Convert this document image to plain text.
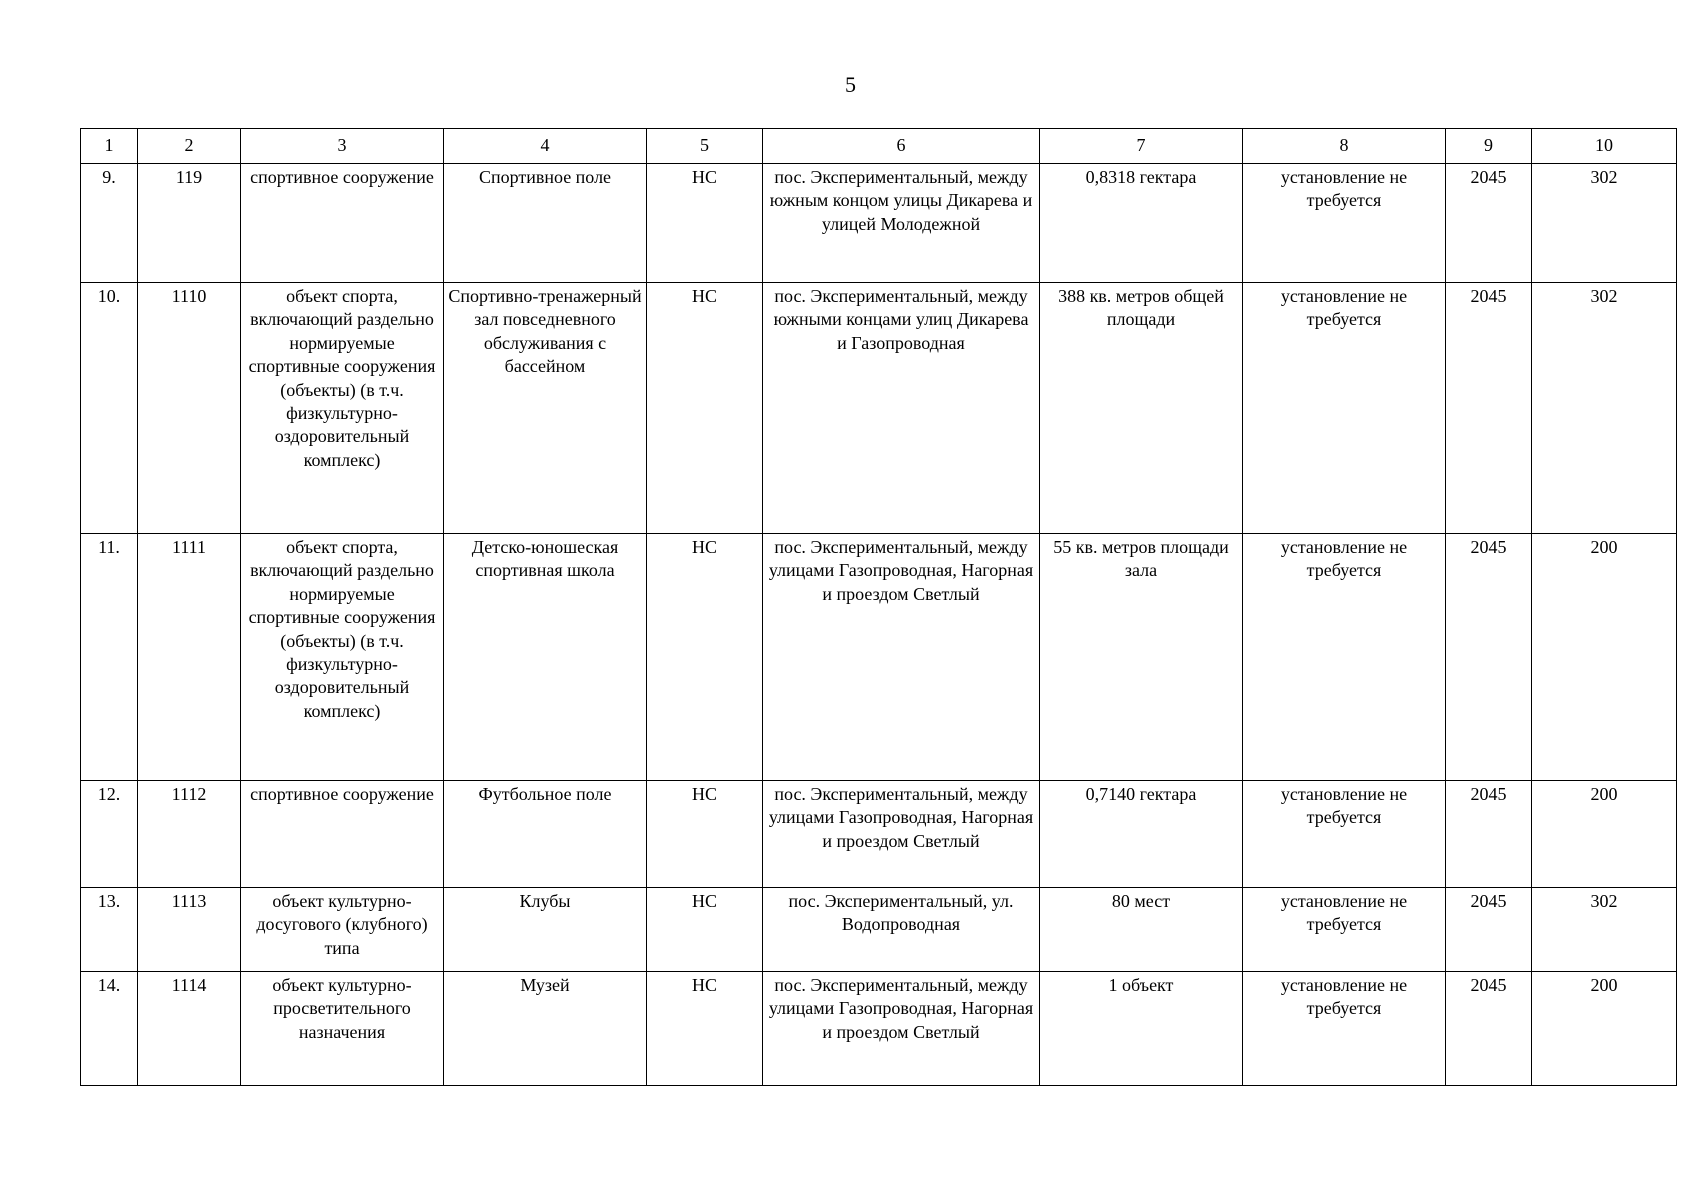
5
1	2	3	4	5	6	7	8	9	10
9.	119	спортивное сооружение	Спортивное поле	НС	пос. Экспериментальный, между южным концом улицы Дикарева и улицей Молодежной	0,8318 гектара	установление не требуется	2045	302
10.	1110	объект спорта, включающий раздельно нормируемые спортивные сооружения (объекты) (в т.ч. физкультурно-оздоровительный комплекс)	Спортивно-тренажерный зал повседневного обслуживания с бассейном	НС	пос. Экспериментальный, между южными концами улиц Дикарева и Газопроводная	388 кв. метров общей площади	установление не требуется	2045	302
11.	1111	объект спорта, включающий раздельно нормируемые спортивные сооружения (объекты) (в т.ч. физкультурно-оздоровительный комплекс)	Детско-юношеская спортивная школа	НС	пос. Экспериментальный, между улицами Газопроводная, Нагорная и проездом Светлый	55 кв. метров площади зала	установление не требуется	2045	200
12.	1112	спортивное сооружение	Футбольное поле	НС	пос. Экспериментальный, между улицами Газопроводная, Нагорная и проездом Светлый	0,7140 гектара	установление не требуется	2045	200
13.	1113	объект культурно-досугового (клубного) типа	Клубы	НС	пос. Экспериментальный, ул. Водопроводная	80 мест	установление не требуется	2045	302
14.	1114	объект культурно-просветительного назначения	Музей	НС	пос. Экспериментальный, между улицами Газопроводная, Нагорная и проездом Светлый	1 объект	установление не требуется	2045	200
